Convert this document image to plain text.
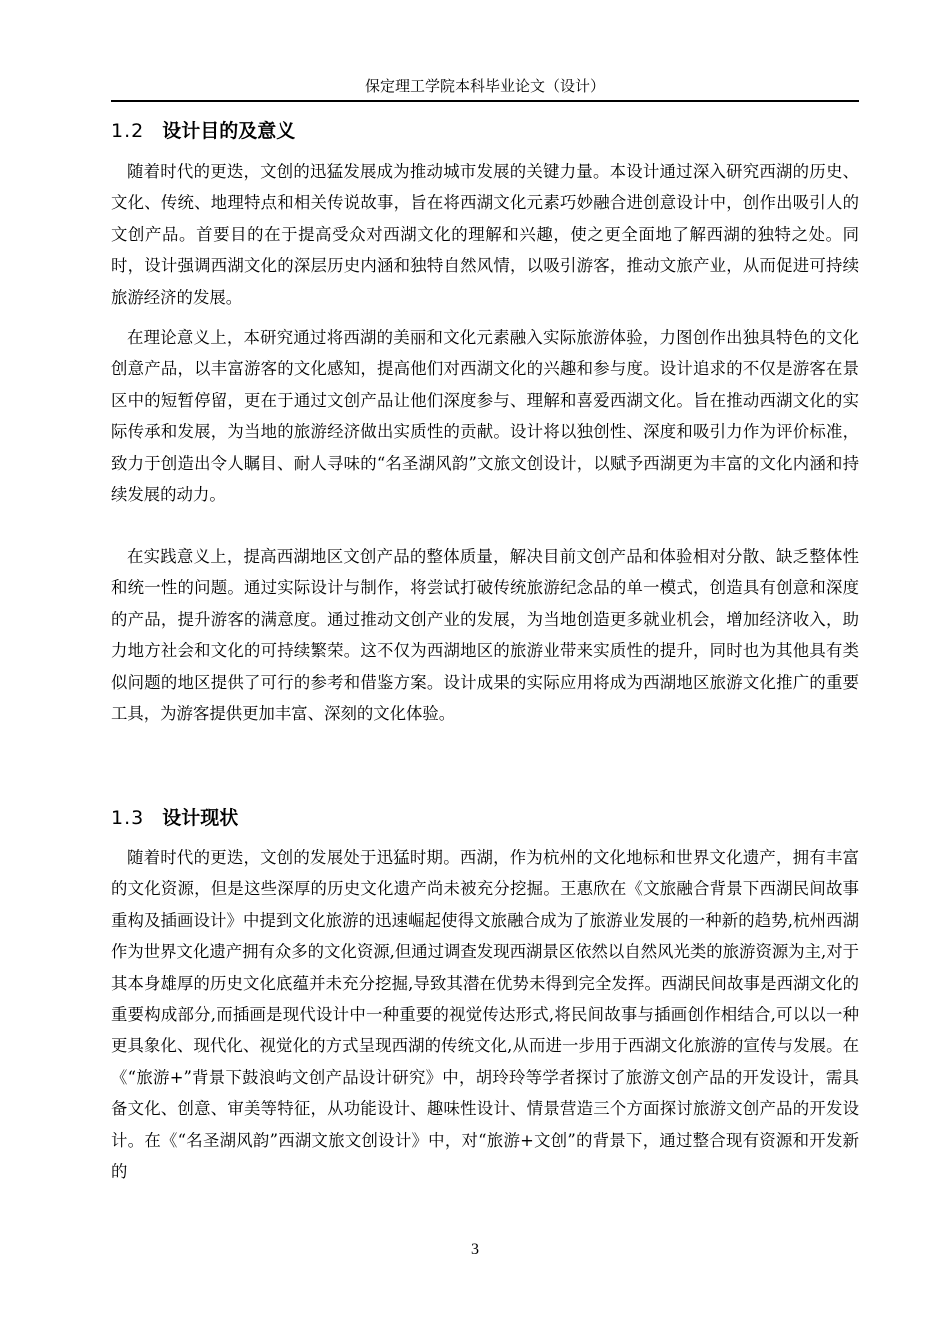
保定理工学院本科毕业论文（设计）
1.2 设计目的及意义

随着时代的更迭，文创的迅猛发展成为推动城市发展的关键力量。本设计通过深入研究西湖的历史、文化、传统、地理特点和相关传说故事，旨在将西湖文化元素巧妙融合进创意设计中，创作出吸引人的文创产品。首要目的在于提高受众对西湖文化的理解和兴趣，使之更全面地了解西湖的独特之处。同时，设计强调西湖文化的深层历史内涵和独特自然风情，以吸引游客，推动文旅产业，从而促进可持续旅游经济的发展。

在理论意义上，本研究通过将西湖的美丽和文化元素融入实际旅游体验，力图创作出独具特色的文化创意产品，以丰富游客的文化感知，提高他们对西湖文化的兴趣和参与度。设计追求的不仅是游客在景区中的短暂停留，更在于通过文创产品让他们深度参与、理解和喜爱西湖文化。旨在推动西湖文化的实际传承和发展，为当地的旅游经济做出实质性的贡献。设计将以独创性、深度和吸引力作为评价标准，致力于创造出令人瞩目、耐人寻味的“名圣湖风韵”文旅文创设计，以赋予西湖更为丰富的文化内涵和持续发展的动力。

在实践意义上，提高西湖地区文创产品的整体质量，解决目前文创产品和体验相对分散、缺乏整体性和统一性的问题。通过实际设计与制作，将尝试打破传统旅游纪念品的单一模式，创造具有创意和深度的产品，提升游客的满意度。通过推动文创产业的发展，为当地创造更多就业机会，增加经济收入，助力地方社会和文化的可持续繁荣。这不仅为西湖地区的旅游业带来实质性的提升，同时也为其他具有类似问题的地区提供了可行的参考和借鉴方案。设计成果的实际应用将成为西湖地区旅游文化推广的重要工具，为游客提供更加丰富、深刻的文化体验。

1.3 设计现状

随着时代的更迭，文创的发展处于迅猛时期。西湖，作为杭州的文化地标和世界文化遗产，拥有丰富的文化资源，但是这些深厚的历史文化遗产尚未被充分挖掘。王惠欣在《文旅融合背景下西湖民间故事重构及插画设计》中提到文化旅游的迅速崛起使得文旅融合成为了旅游业发展的一种新的趋势,杭州西湖作为世界文化遗产拥有众多的文化资源,但通过调查发现西湖景区依然以自然风光类的旅游资源为主,对于其本身雄厚的历史文化底蕴并未充分挖掘,导致其潜在优势未得到完全发挥。西湖民间故事是西湖文化的重要构成部分,而插画是现代设计中一种重要的视觉传达形式,将民间故事与插画创作相结合,可以以一种更具象化、现代化、视觉化的方式呈现西湖的传统文化,从而进一步用于西湖文化旅游的宣传与发展。在《“旅游+”背景下鼓浪屿文创产品设计研究》中，胡玲玲等学者探讨了旅游文创产品的开发设计，需具备文化、创意、审美等特征，从功能设计、趣味性设计、情景营造三个方面探讨旅游文创产品的开发设计。在《“名圣湖风韵”西湖文旅文创设计》中，对“旅游+文创”的背景下，通过整合现有资源和开发新的

3
